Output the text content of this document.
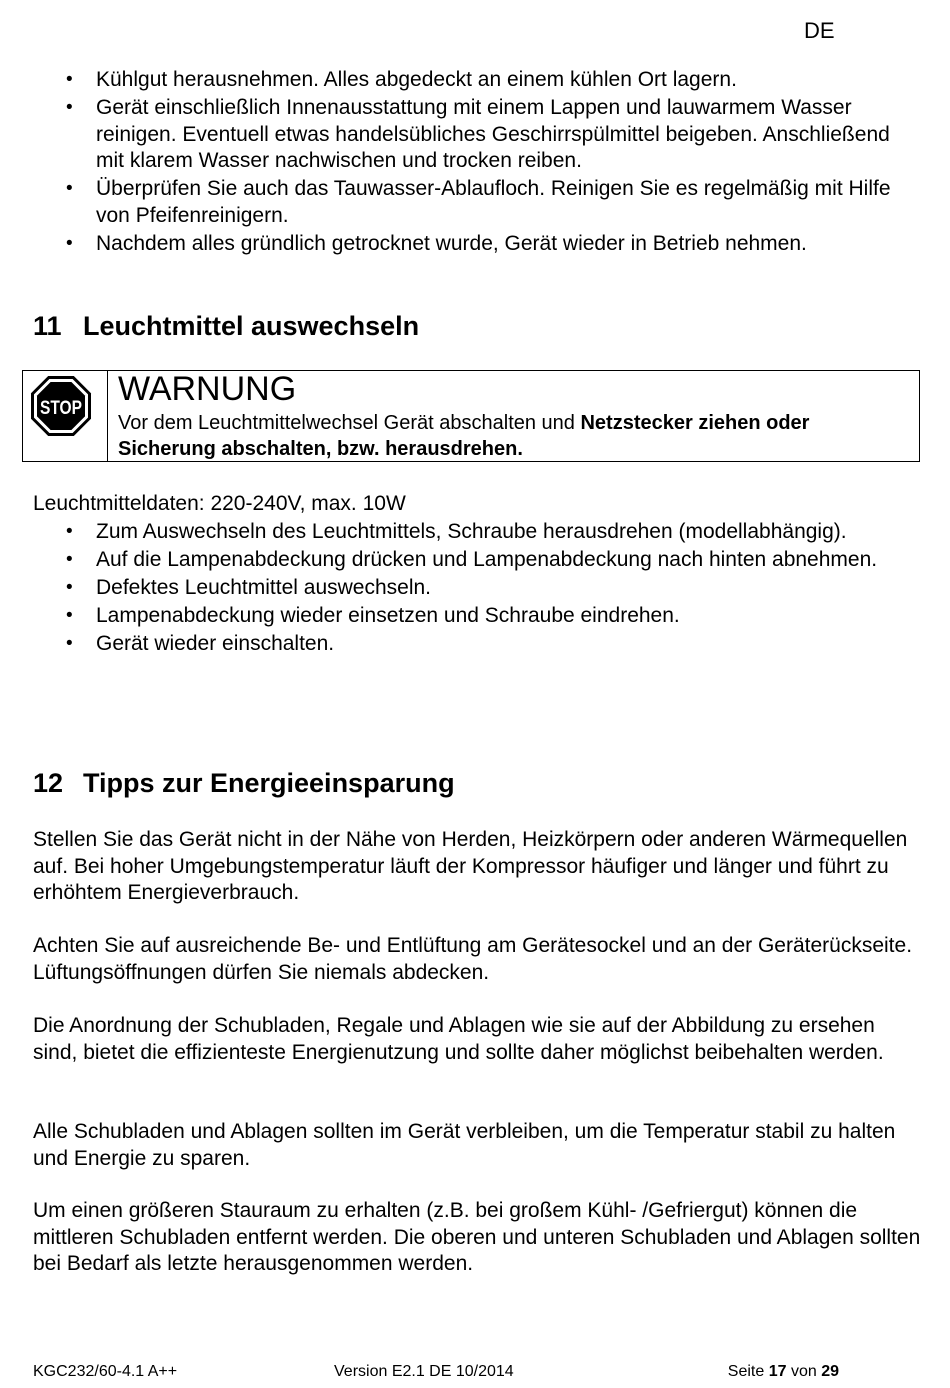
DE
• Kühlgut herausnehmen. Alles abgedeckt an einem kühlen Ort lagern.
• Gerät einschließlich Innenausstattung mit einem Lappen und lauwarmem Wasser reinigen. Eventuell etwas handelsübliches Geschirrspülmittel beigeben. Anschließend mit klarem Wasser nachwischen und trocken reiben.
• Überprüfen Sie auch das Tauwasser-Ablaufloch. Reinigen Sie es regelmäßig mit Hilfe von Pfeifenreinigern.
• Nachdem alles gründlich getrocknet wurde, Gerät wieder in Betrieb nehmen.
11 Leuchtmittel auswechseln
STOP
WARNUNG
Vor dem Leuchtmittelwechsel Gerät abschalten und Netzstecker ziehen oder Sicherung abschalten, bzw. herausdrehen.
Leuchtmitteldaten: 220-240V, max. 10W
• Zum Auswechseln des Leuchtmittels, Schraube herausdrehen (modellabhängig).
• Auf die Lampenabdeckung drücken und Lampenabdeckung nach hinten abnehmen.
• Defektes Leuchtmittel auswechseln.
• Lampenabdeckung wieder einsetzen und Schraube eindrehen.
• Gerät wieder einschalten.
12 Tipps zur Energieeinsparung

Stellen Sie das Gerät nicht in der Nähe von Herden, Heizkörpern oder anderen Wärmequellen auf. Bei hoher Umgebungstemperatur läuft der Kompressor häufiger und länger und führt zu erhöhtem Energieverbrauch.

Achten Sie auf ausreichende Be- und Entlüftung am Gerätesockel und an der Geräterückseite. Lüftungsöffnungen dürfen Sie niemals abdecken.

Die Anordnung der Schubladen, Regale und Ablagen wie sie auf der Abbildung zu ersehen sind, bietet die effizienteste Energienutzung und sollte daher möglichst beibehalten werden.

Alle Schubladen und Ablagen sollten im Gerät verbleiben, um die Temperatur stabil zu halten und Energie zu sparen.

Um einen größeren Stauraum zu erhalten (z.B. bei großem Kühl- /Gefriergut) können die mittleren Schubladen entfernt werden. Die oberen und unteren Schubladen und Ablagen sollten bei Bedarf als letzte herausgenommen werden.

KGC232/60-4.1 A++	Version E2.1 DE 10/2014	Seite 17 von 29
